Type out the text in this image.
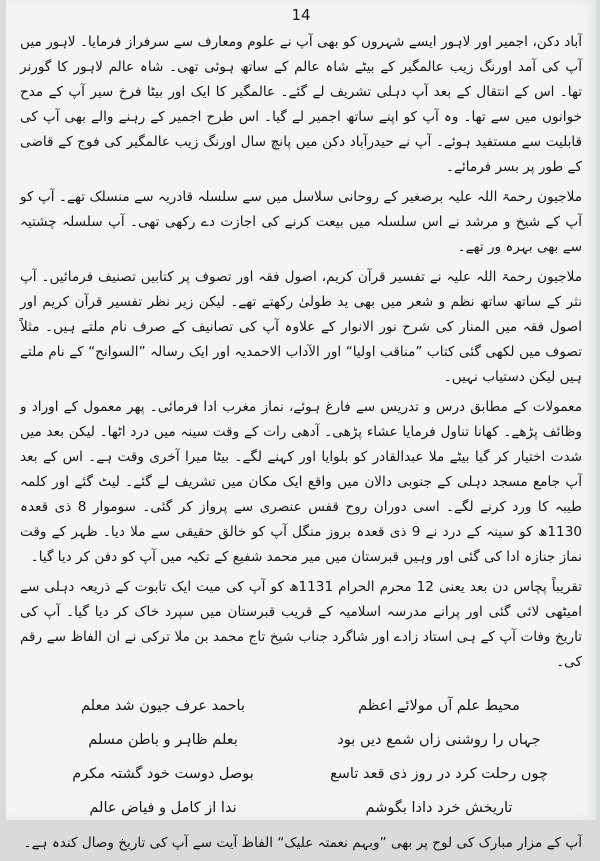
14

آباد دکن، اجمیر اور لاہور ایسے شہروں کو بھی آپ نے علوم ومعارف سے سرفراز فرمایا۔ لاہور میں آپ کی آمد اورنگ زیب عالمگیر کے بیٹے شاہ عالم کے ساتھ ہوئی تھی۔ شاہ عالم لاہور کا گورنر تھا۔ اس کے انتقال کے بعد آپ دہلی تشریف لے گئے۔ عالمگیر کا ایک اور بیٹا فرخ سیر آپ کے مدح خوانوں میں سے تھا۔ وہ آپ کو اپنے ساتھ اجمیر لے گیا۔ اس طرح اجمیر کے رہنے والے بھی آپ کی قابلیت سے مستفید ہوئے۔ آپ نے حیدرآباد دکن میں پانچ سال اورنگ زیب عالمگیر کی فوج کے قاضی کے طور پر بسر فرمائے۔

ملاجیون رحمۃ اللہ علیہ برصغیر کے روحانی سلاسل میں سے سلسلہ قادریہ سے منسلک تھے۔ آپ کو آپ کے شیخ و مرشد نے اس سلسلہ میں بیعت کرنے کی اجازت دے رکھی تھی۔ آپ سلسلہ چشتیہ سے بھی بہرہ ور تھے۔

ملاجیون رحمۃ اللہ علیہ نے تفسیر قرآن کریم، اصول فقہ اور تصوف پر کتابیں تصنیف فرمائیں۔ آپ نثر کے ساتھ ساتھ نظم و شعر میں بھی ید طولیٰ رکھتے تھے۔ لیکن زیر نظر تفسیر قرآن کریم اور اصول فقہ میں المنار کی شرح نور الانوار کے علاوہ آپ کی تصانیف کے صرف نام ملتے ہیں۔ مثلاً تصوف میں لکھی گئی کتاب ”مناقب اولیا“ اور الآداب الاحمدیہ اور ایک رسالہ ”السوانح“ کے نام ملتے ہیں لیکن دستیاب نہیں۔

معمولات کے مطابق درس و تدریس سے فارغ ہوئے، نماز مغرب ادا فرمائی۔ پھر معمول کے اوراد و وظائف پڑھے۔ کھانا تناول فرمایا عشاء پڑھی۔ آدھی رات کے وقت سینہ میں درد اٹھا۔ لیکن بعد میں شدت اختیار کر گیا بیٹے ملا عبدالقادر کو بلوایا اور کہنے لگے۔ بیٹا میرا آخری وقت ہے۔ اس کے بعد آپ جامع مسجد دہلی کے جنوبی دالان میں واقع ایک مکان میں تشریف لے گئے۔ لیٹ گئے اور کلمہ طیبہ کا ورد کرنے لگے۔ اسی دوران روح قفس عنصری سے پرواز کر گئی۔ سوموار 8 ذی قعدہ 1130ھ کو سینہ کے درد نے 9 ذی قعدہ بروز منگل آپ کو خالق حقیقی سے ملا دیا۔ ظہر کے وقت نماز جنازہ ادا کی گئی اور وہیں قبرستان میں میر محمد شفیع کے تکیہ میں آپ کو دفن کر دیا گیا۔

تقریباً پچاس دن بعد یعنی 12 محرم الحرام 1131ھ کو آپ کی میت ایک تابوت کے ذریعہ دہلی سے امیٹھی لائی گئی اور پرانے مدرسہ اسلامیہ کے قریب قبرستان میں سپرد خاک کر دیا گیا۔ آپ کی تاریخ وفات آپ کے ہی استاد زادے اور شاگرد جناب شیخ تاج محمد بن ملا ترکی نے ان الفاظ سے رقم کی۔

محیط علم آں مولائے اعظم
باحمد عرف جیون شد معلم
جہاں را روشنی زاں شمع دیں بود
بعلم ظاہر و باطن مسلم
چوں رحلت کرد در روز ذی قعد تاسع
بوصل دوست خود گشتہ مکرم
تاریخش خرد دادا بگوشم
ندا از کامل و فیاض عالم

آپ کے مزار مبارک کی لوح پر بھی ”وبہم نعمتہ علیک“ الفاظ آیت سے آپ کی تاریخ وصال کندہ ہے۔
